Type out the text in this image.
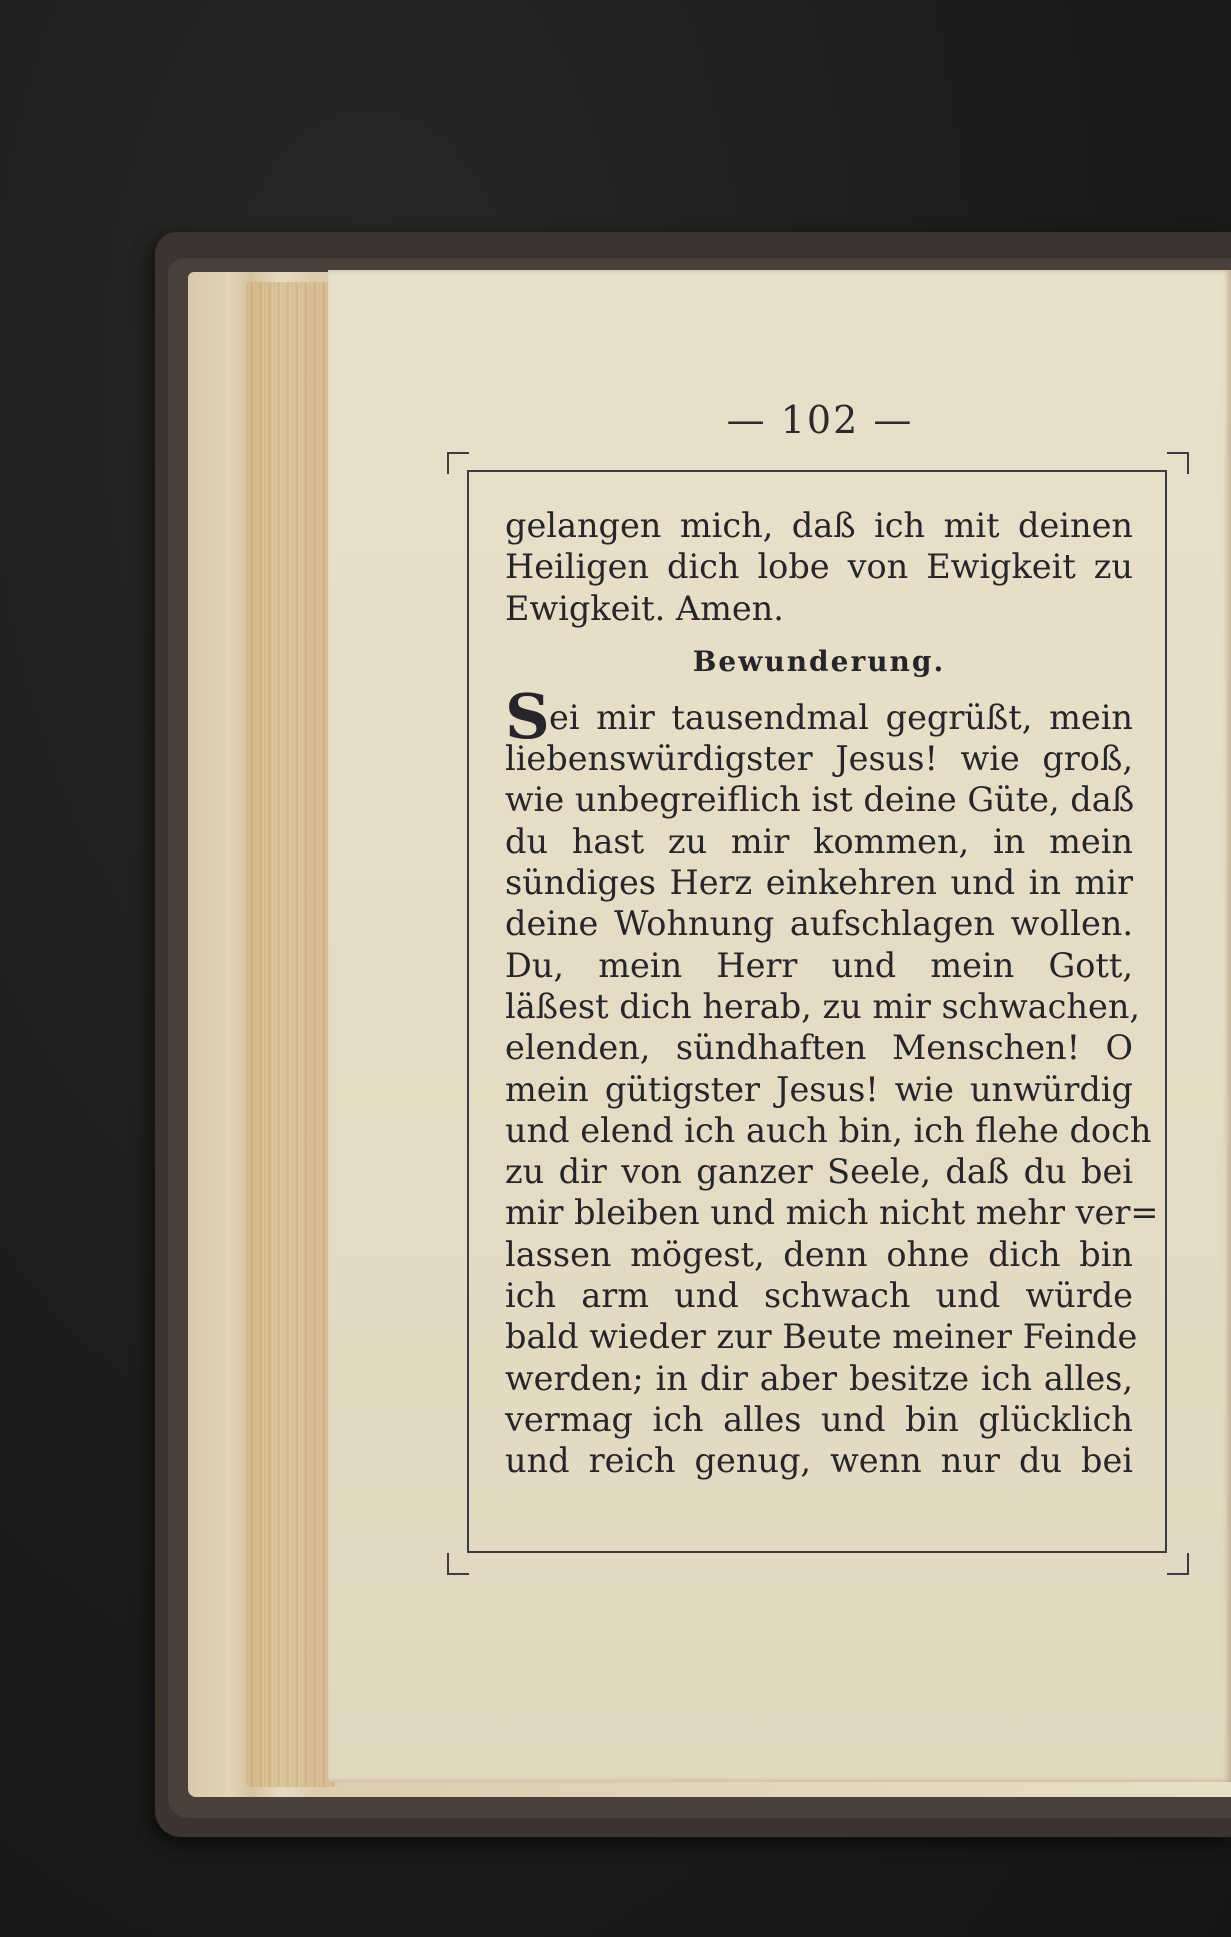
— 102 —
gelangen mich, daß ich mit deinen
Heiligen dich lobe von Ewigkeit zu
Ewigkeit. Amen.
Bewunderung.
S ei mir tausendmal gegrüßt, mein
liebenswürdigster Jesus! wie groß,
wie unbegreiflich ist deine Güte, daß
du hast zu mir kommen, in mein
sündiges Herz einkehren und in mir
deine Wohnung aufschlagen wollen.
Du, mein Herr und mein Gott,
läßest dich herab, zu mir schwachen,
elenden, sündhaften Menschen! O
mein gütigster Jesus! wie unwürdig
und elend ich auch bin, ich flehe doch
zu dir von ganzer Seele, daß du bei
mir bleiben und mich nicht mehr ver=
lassen mögest, denn ohne dich bin
ich arm und schwach und würde
bald wieder zur Beute meiner Feinde
werden; in dir aber besitze ich alles,
vermag ich alles und bin glücklich
und reich genug, wenn nur du bei
